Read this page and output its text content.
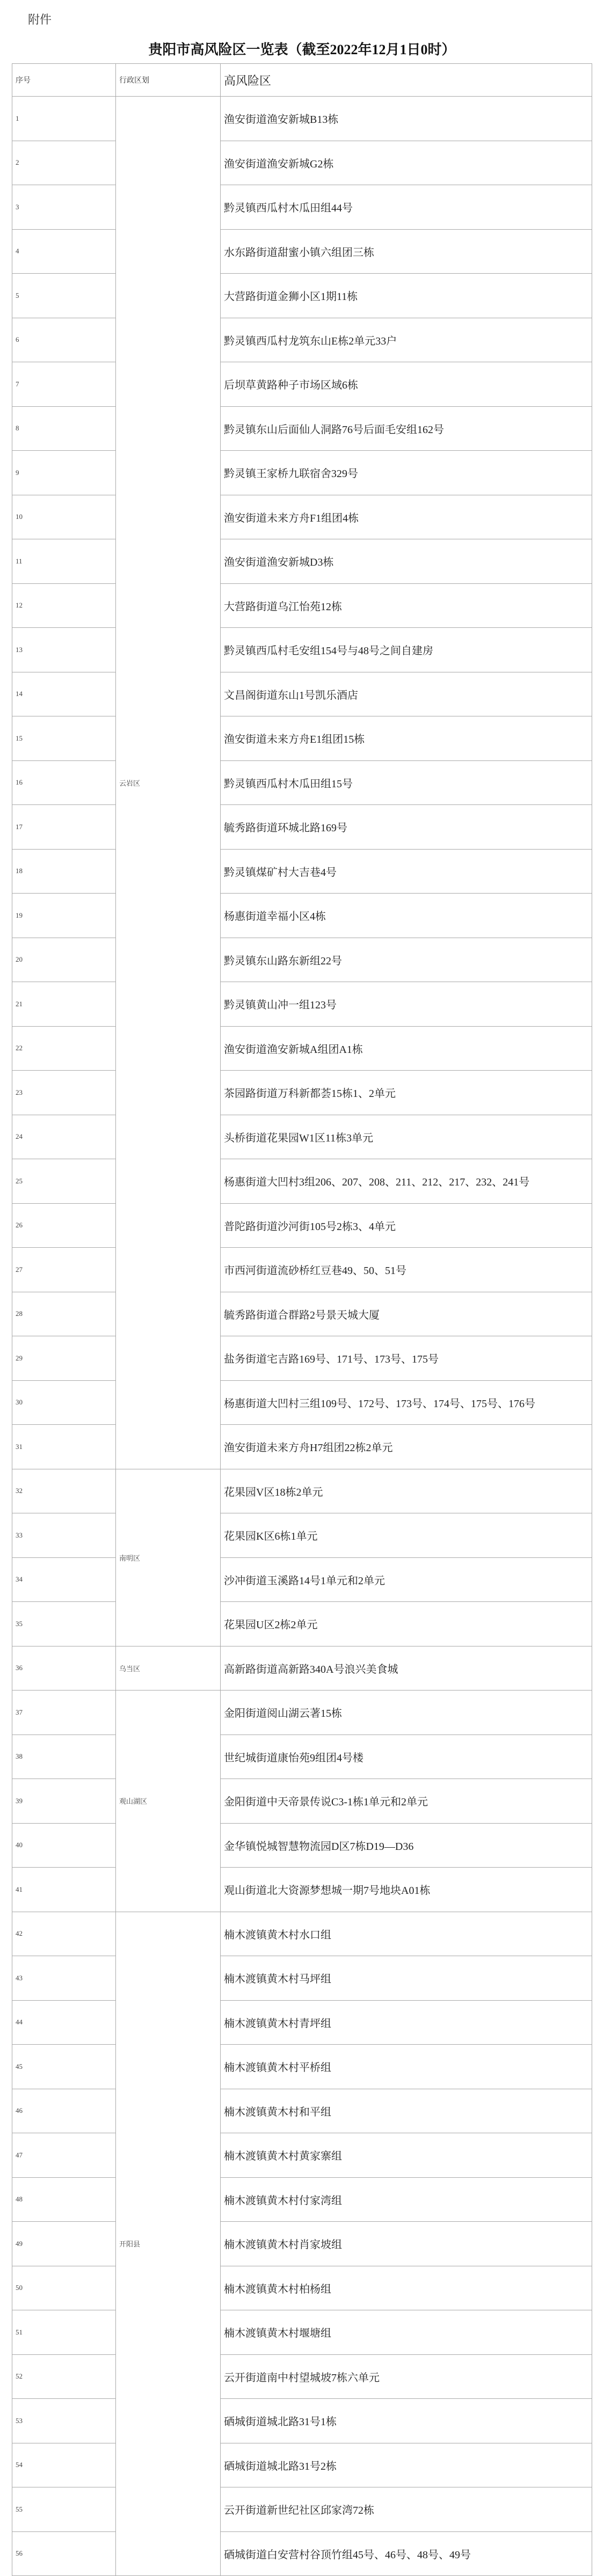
附件
贵阳市高风险区一览表（截至2022年12月1日0时）
序号	行政区划	高风险区
1	云岩区	渔安街道渔安新城B13栋
2		渔安街道渔安新城G2栋
3		黔灵镇西瓜村木瓜田组44号
4		水东路街道甜蜜小镇六组团三栋
5		大营路街道金狮小区1期11栋
6		黔灵镇西瓜村龙筑东山E栋2单元33户
7		后坝草黄路种子市场区域6栋
8		黔灵镇东山后面仙人洞路76号后面毛安组162号
9		黔灵镇王家桥九联宿舍329号
10		渔安街道未来方舟F1组团4栋
11		渔安街道渔安新城D3栋
12		大营路街道乌江怡苑12栋
13		黔灵镇西瓜村毛安组154号与48号之间自建房
14		文昌阁街道东山1号凯乐酒店
15		渔安街道未来方舟E1组团15栋
16		黔灵镇西瓜村木瓜田组15号
17		毓秀路街道环城北路169号
18		黔灵镇煤矿村大吉巷4号
19		杨惠街道幸福小区4栋
20		黔灵镇东山路东新组22号
21		黔灵镇黄山冲一组123号
22		渔安街道渔安新城A组团A1栋
23		茶园路街道万科新都荟15栋1、2单元
24		头桥街道花果园W1区11栋3单元
25		杨惠街道大凹村3组206、207、208、211、212、217、232、241号
26		普陀路街道沙河街105号2栋3、4单元
27		市西河街道流砂桥红豆巷49、50、51号
28		毓秀路街道合群路2号景天城大厦
29		盐务街道宅吉路169号、171号、173号、175号
30		杨惠街道大凹村三组109号、172号、173号、174号、175号、176号
31		渔安街道未来方舟H7组团22栋2单元
32	南明区	花果园V区18栋2单元
33		花果园K区6栋1单元
34		沙冲街道玉溪路14号1单元和2单元
35		花果园U区2栋2单元
36	乌当区	高新路街道高新路340A号浪兴美食城
37	观山湖区	金阳街道阅山湖云著15栋
38		世纪城街道康怡苑9组团4号楼
39		金阳街道中天帝景传说C3-1栋1单元和2单元
40		金华镇悦城智慧物流园D区7栋D19—D36
41		观山街道北大资源梦想城一期7号地块A01栋
42	开阳县	楠木渡镇黄木村水口组
43		楠木渡镇黄木村马坪组
44		楠木渡镇黄木村青坪组
45		楠木渡镇黄木村平桥组
46		楠木渡镇黄木村和平组
47		楠木渡镇黄木村黄家寨组
48		楠木渡镇黄木村付家湾组
49		楠木渡镇黄木村肖家坡组
50		楠木渡镇黄木村柏杨组
51		楠木渡镇黄木村堰塘组
52		云开街道南中村望城坡7栋六单元
53		硒城街道城北路31号1栋
54		硒城街道城北路31号2栋
55		云开街道新世纪社区邱家湾72栋
56		硒城街道白安营村谷顶竹组45号、46号、48号、49号
